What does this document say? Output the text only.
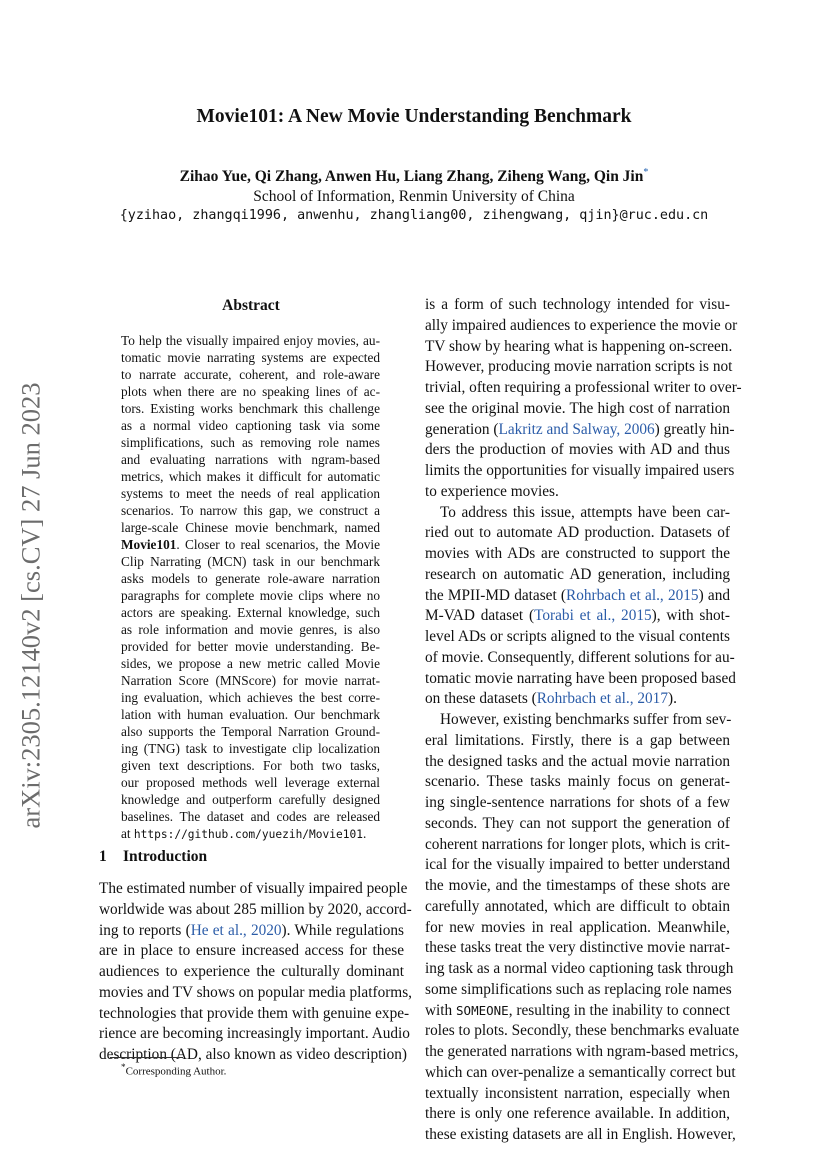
arXiv:2305.12140v2 [cs.CV] 27 Jun 2023
Movie101: A New Movie Understanding Benchmark
Zihao Yue, Qi Zhang, Anwen Hu, Liang Zhang, Ziheng Wang, Qin Jin*
School of Information, Renmin University of China
{yzihao, zhangqi1996, anwenhu, zhangliang00, zihengwang, qjin}@ruc.edu.cn
Abstract
To help the visually impaired enjoy movies, au-
tomatic movie narrating systems are expected
to narrate accurate, coherent, and role-aware
plots when there are no speaking lines of ac-
tors. Existing works benchmark this challenge
as a normal video captioning task via some
simplifications, such as removing role names
and evaluating narrations with ngram-based
metrics, which makes it difficult for automatic
systems to meet the needs of real application
scenarios. To narrow this gap, we construct a
large-scale Chinese movie benchmark, named
Movie101. Closer to real scenarios, the Movie
Clip Narrating (MCN) task in our benchmark
asks models to generate role-aware narration
paragraphs for complete movie clips where no
actors are speaking. External knowledge, such
as role information and movie genres, is also
provided for better movie understanding. Be-
sides, we propose a new metric called Movie
Narration Score (MNScore) for movie narrat-
ing evaluation, which achieves the best corre-
lation with human evaluation. Our benchmark
also supports the Temporal Narration Ground-
ing (TNG) task to investigate clip localization
given text descriptions. For both two tasks,
our proposed methods well leverage external
knowledge and outperform carefully designed
baselines. The dataset and codes are released
at https://github.com/yuezih/Movie101.
1 Introduction
The estimated number of visually impaired people
worldwide was about 285 million by 2020, accord-
ing to reports (He et al., 2020). While regulations
are in place to ensure increased access for these
audiences to experience the culturally dominant
movies and TV shows on popular media platforms,
technologies that provide them with genuine expe-
rience are becoming increasingly important. Audio
description (AD, also known as video description)
is a form of such technology intended for visu-
ally impaired audiences to experience the movie or
TV show by hearing what is happening on-screen.
However, producing movie narration scripts is not
trivial, often requiring a professional writer to over-
see the original movie. The high cost of narration
generation (Lakritz and Salway, 2006) greatly hin-
ders the production of movies with AD and thus
limits the opportunities for visually impaired users
to experience movies.
To address this issue, attempts have been car-
ried out to automate AD production. Datasets of
movies with ADs are constructed to support the
research on automatic AD generation, including
the MPII-MD dataset (Rohrbach et al., 2015) and
M-VAD dataset (Torabi et al., 2015), with shot-
level ADs or scripts aligned to the visual contents
of movie. Consequently, different solutions for au-
tomatic movie narrating have been proposed based
on these datasets (Rohrbach et al., 2017).
However, existing benchmarks suffer from sev-
eral limitations. Firstly, there is a gap between
the designed tasks and the actual movie narration
scenario. These tasks mainly focus on generat-
ing single-sentence narrations for shots of a few
seconds. They can not support the generation of
coherent narrations for longer plots, which is crit-
ical for the visually impaired to better understand
the movie, and the timestamps of these shots are
carefully annotated, which are difficult to obtain
for new movies in real application. Meanwhile,
these tasks treat the very distinctive movie narrat-
ing task as a normal video captioning task through
some simplifications such as replacing role names
with SOMEONE, resulting in the inability to connect
roles to plots. Secondly, these benchmarks evaluate
the generated narrations with ngram-based metrics,
which can over-penalize a semantically correct but
textually inconsistent narration, especially when
there is only one reference available. In addition,
these existing datasets are all in English. However,
*Corresponding Author.
